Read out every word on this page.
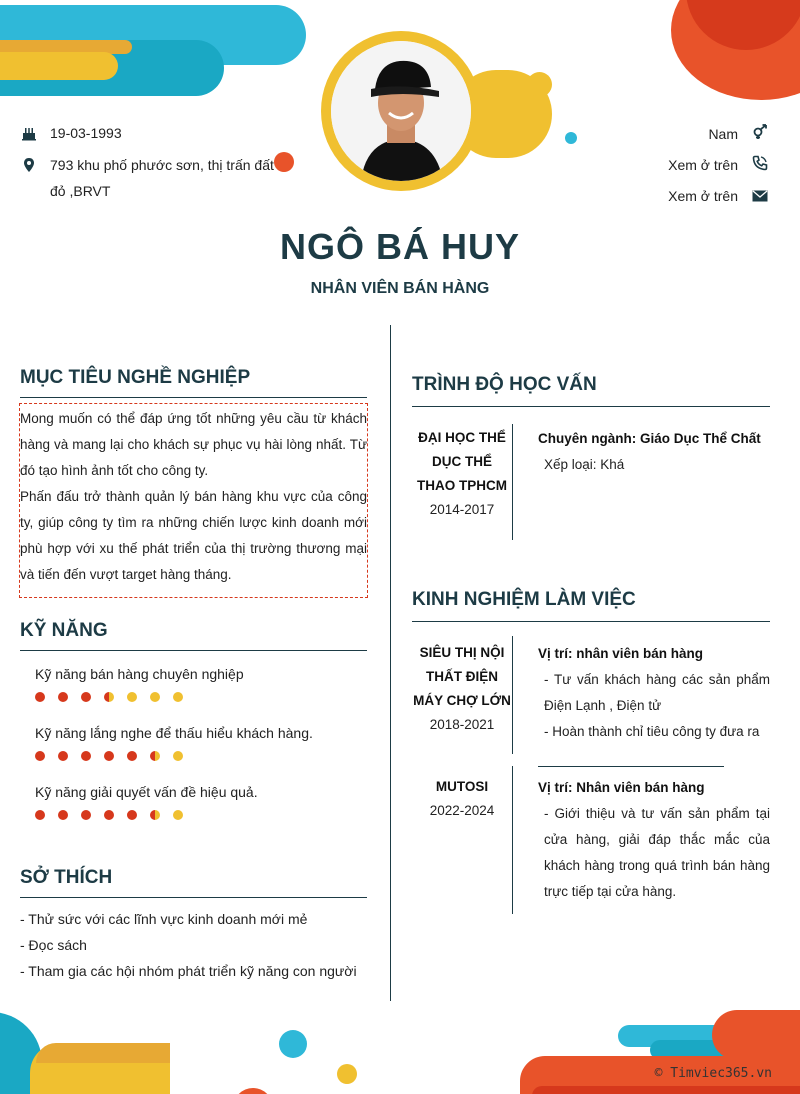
19-03-1993
793 khu phố phước sơn, thị trấn đất
đỏ ,BRVT
Nam
Xem ở trên
Xem ở trên
NGÔ BÁ HUY
NHÂN VIÊN BÁN HÀNG
MỤC TIÊU NGHỀ NGHIỆP

Mong muốn có thể đáp ứng tốt những yêu cầu từ khách hàng và mang lại cho khách sự phục vụ hài lòng nhất. Từ đó tạo hình ảnh tốt cho công ty.

Phấn đấu trở thành quản lý bán hàng khu vực của công ty, giúp công ty tìm ra những chiến lược kinh doanh mới phù hợp với xu thế phát triển của thị trường thương mại và tiến đến vượt target hàng tháng.

KỸ NĂNG
Kỹ năng bán hàng chuyên nghiệp
Kỹ năng lắng nghe để thấu hiểu khách hàng.
Kỹ năng giải quyết vấn đề hiệu quả.
SỞ THÍCH
- Thử sức với các lĩnh vực kinh doanh mới mẻ
- Đọc sách
- Tham gia các hội nhóm phát triển kỹ năng con người
TRÌNH ĐỘ HỌC VẤN
ĐẠI HỌC THỂ
DỤC THỂ
THAO TPHCM
2014-2017
Chuyên ngành: Giáo Dục Thể Chất
Xếp loại: Khá
KINH NGHIỆM LÀM VIỆC
SIÊU THỊ NỘI
THẤT ĐIỆN
MÁY CHỢ LỚN
2018-2021
Vị trí: nhân viên bán hàng
- Tư vấn khách hàng các sản phẩm Điện Lạnh , Điện tử
- Hoàn thành chỉ tiêu công ty đưa ra
MUTOSI
2022-2024
Vị trí: Nhân viên bán hàng
- Giới thiệu và tư vấn sản phẩm tại cửa hàng, giải đáp thắc mắc của khách hàng trong quá trình bán hàng trực tiếp tại cửa hàng.
© Timviec365.vn
